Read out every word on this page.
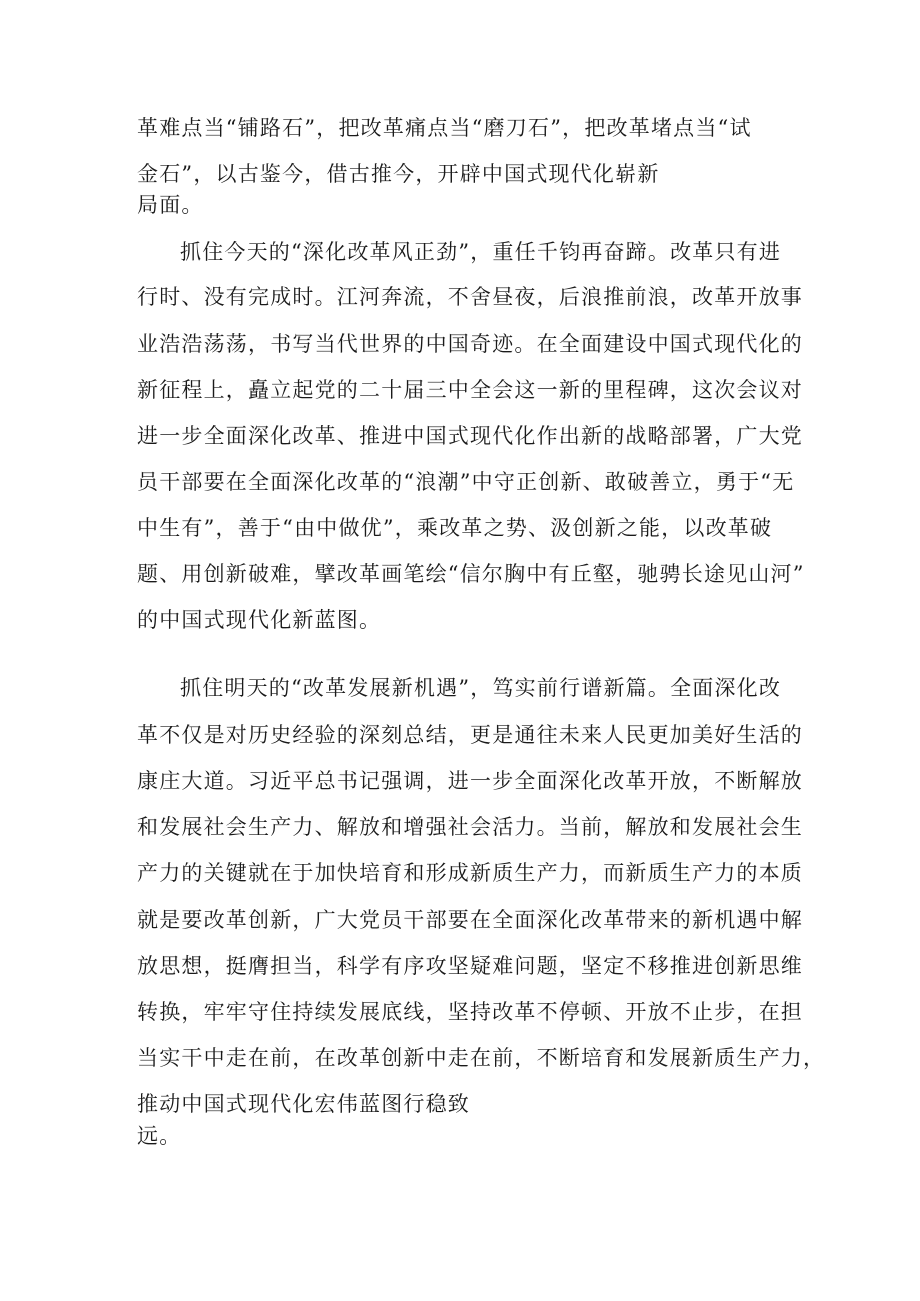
革难点当“铺路石”，把改革痛点当“磨刀石”，把改革堵点当“试
金石”，以古鉴今，借古推今，开辟中国式现代化崭新
局面。
抓住今天的“深化改革风正劲”，重任千钧再奋蹄。改革只有进
行时、没有完成时。江河奔流，不舍昼夜，后浪推前浪，改革开放事
业浩浩荡荡，书写当代世界的中国奇迹。在全面建设中国式现代化的
新征程上，矗立起党的二十届三中全会这一新的里程碑，这次会议对
进一步全面深化改革、推进中国式现代化作出新的战略部署，广大党
员干部要在全面深化改革的“浪潮”中守正创新、敢破善立，勇于“无
中生有”，善于“由中做优”，乘改革之势、汲创新之能，以改革破
题、用创新破难，擘改革画笔绘“信尔胸中有丘壑，驰骋长途见山河”
的中国式现代化新蓝图。
抓住明天的“改革发展新机遇”，笃实前行谱新篇。全面深化改
革不仅是对历史经验的深刻总结，更是通往未来人民更加美好生活的
康庄大道。习近平总书记强调，进一步全面深化改革开放，不断解放
和发展社会生产力、解放和增强社会活力。当前，解放和发展社会生
产力的关键就在于加快培育和形成新质生产力，而新质生产力的本质
就是要改革创新，广大党员干部要在全面深化改革带来的新机遇中解
放思想，挺膺担当，科学有序攻坚疑难问题，坚定不移推进创新思维
转换，牢牢守住持续发展底线，坚持改革不停顿、开放不止步，在担
当实干中走在前，在改革创新中走在前，不断培育和发展新质生产力，
推动中国式现代化宏伟蓝图行稳致
远。
